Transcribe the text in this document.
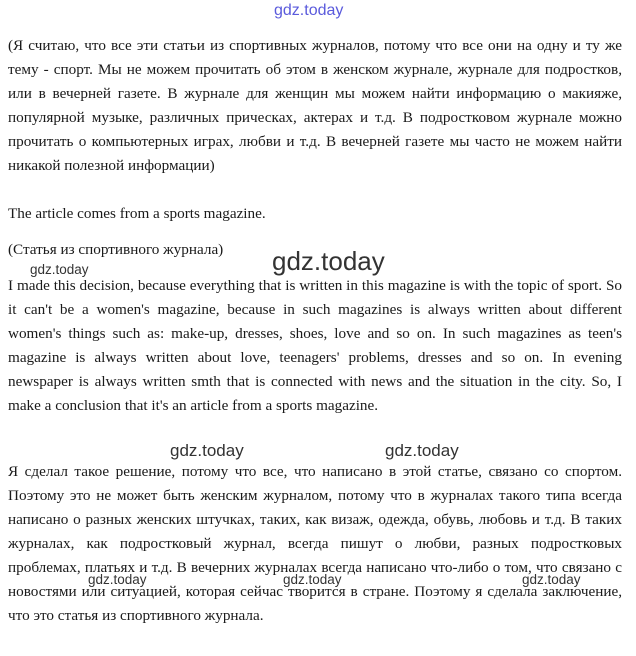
gdz.today

(Я считаю, что все эти статьи из спортивных журналов, потому что все они на одну и ту же тему - спорт. Мы не можем прочитать об этом в женском журнале, журнале для подростков, или в вечерней газете. В журнале для женщин мы можем найти информацию о макияже, популярной музыке, различных прическах, актерах и т.д. В подростковом журнале можно прочитать о компьютерных играх, любви и т.д. В вечерней газете мы часто не можем найти никакой полезной информации)

The article comes from a sports magazine.

(Статья из спортивного журнала)

I made this decision, because everything that is written in this magazine is with the topic of sport. So it can't be a women's magazine, because in such magazines is always written about different women's things such as: make-up, dresses, shoes, love and so on. In such magazines as teen's magazine is always written about love, teenagers' problems, dresses and so on. In evening newspaper is always written smth that is connected with news and the situation in the city. So, I make a conclusion that it's an article from a sports magazine.

Я сделал такое решение, потому что все, что написано в этой статье, связано со спортом. Поэтому это не может быть женским журналом, потому что в журналах такого типа всегда написано о разных женских штучках, таких, как визаж, одежда, обувь, любовь и т.д. В таких журналах, как подростковый журнал, всегда пишут о любви, разных подростковых проблемах, платьях и т.д. В вечерних журналах всегда написано что-либо о том, что связано с новостями или ситуацией, которая сейчас творится в стране. Поэтому я сделала заключение, что это статья из спортивного журнала.

gdz.today
gdz.today
gdz.today	gdz.today
gdz.today	gdz.today	gdz.today
